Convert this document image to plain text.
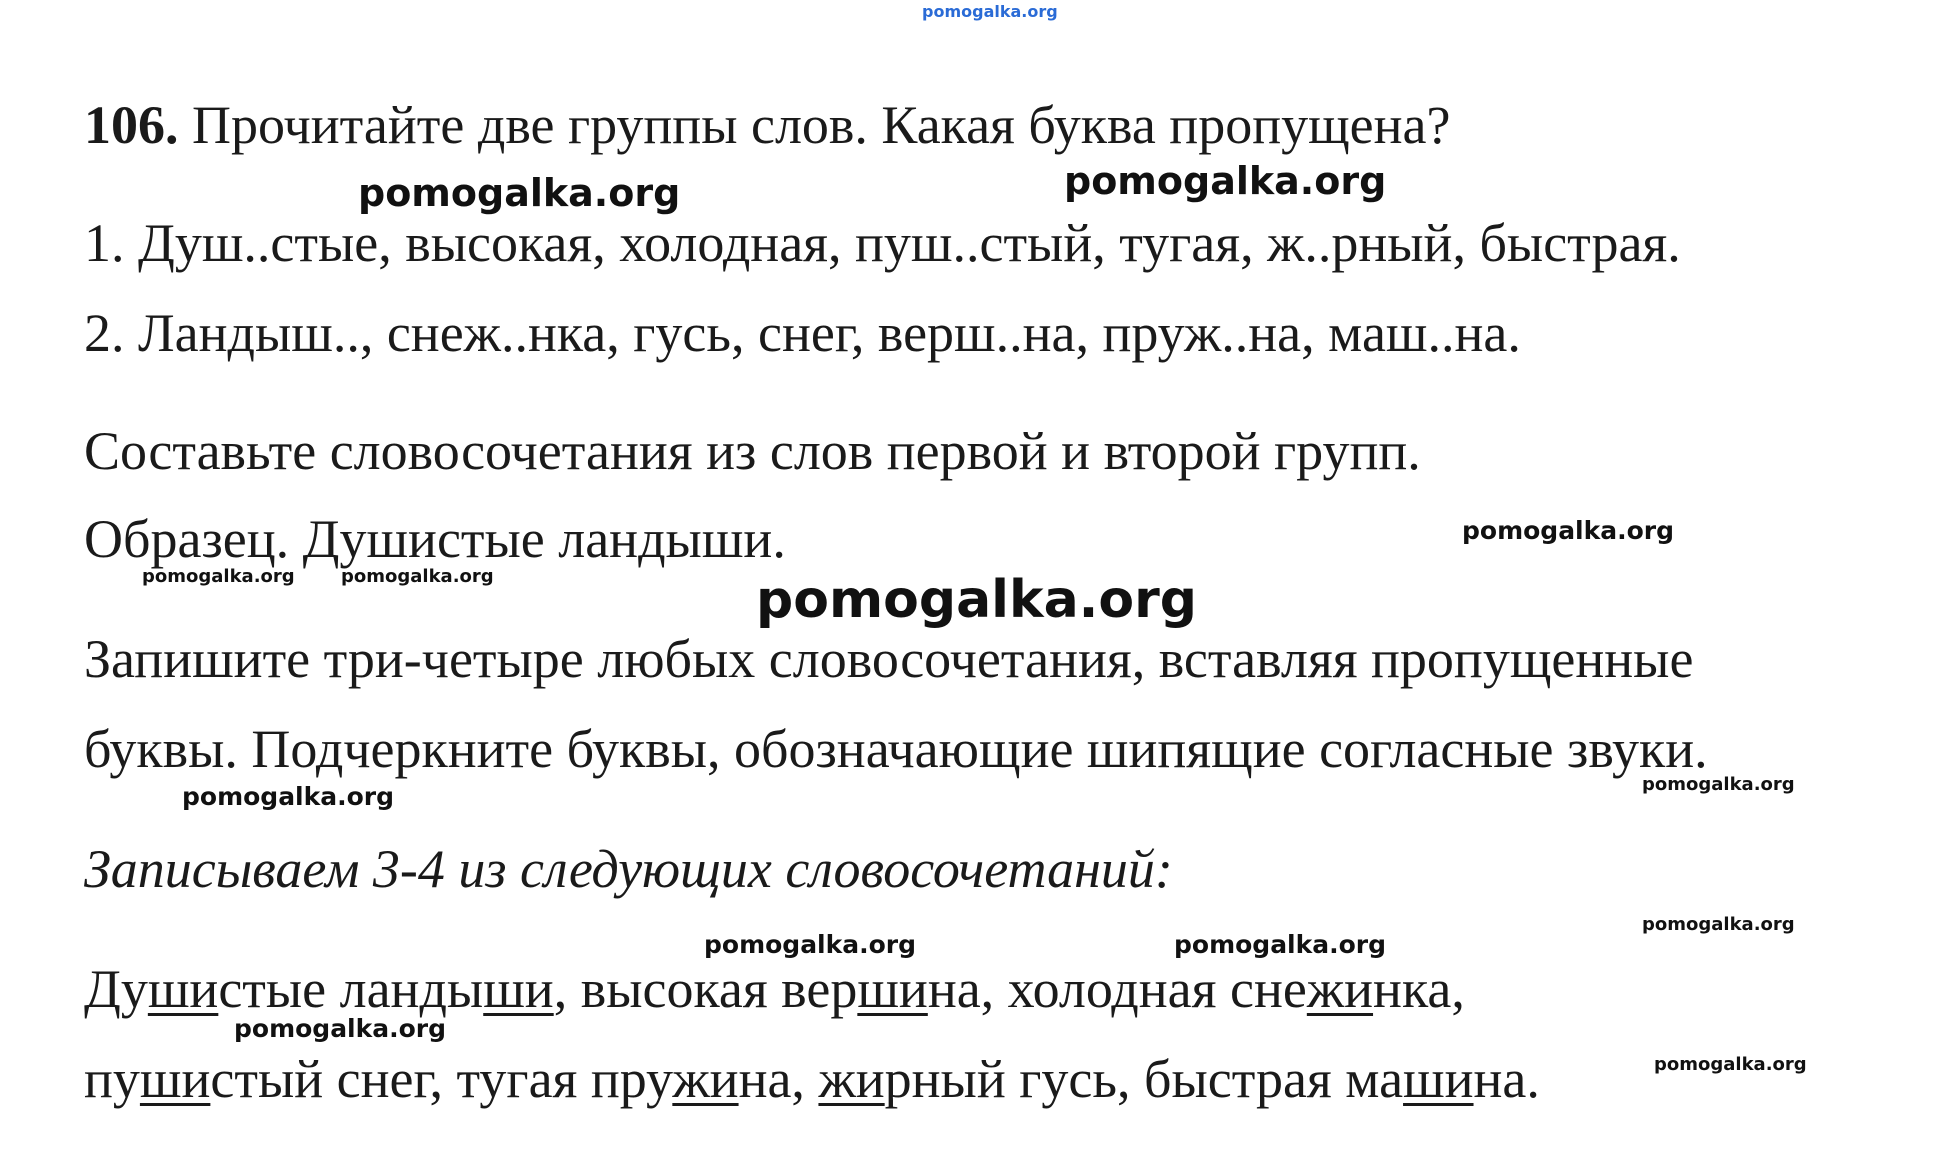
pomogalka.org
106. Прочитайте две группы слов. Какая буква пропущена?
1. Душ..стые, высокая, холодная, пуш..стый, тугая, ж..рный, быстрая.
2. Ландыш.., снеж..нка, гусь, снег, верш..на, пруж..на, маш..на.
Составьте словосочетания из слов первой и второй групп.
Образец. Душистые ландыши.
Запишите три-четыре любых словосочетания, вставляя пропущенные
буквы. Подчеркните буквы, обозначающие шипящие согласные звуки.
Записываем 3-4 из следующих словосочетаний:
Душистые ландыши, высокая вершина, холодная снежинка,
пушистый снег, тугая пружина, жирный гусь, быстрая машина.
pomogalka.org	pomogalka.org
pomogalka.org
pomogalka.org	pomogalka.org	pomogalka.org
pomogalka.org	pomogalka.org
pomogalka.org	pomogalka.org
pomogalka.org
pomogalka.org
pomogalka.org
